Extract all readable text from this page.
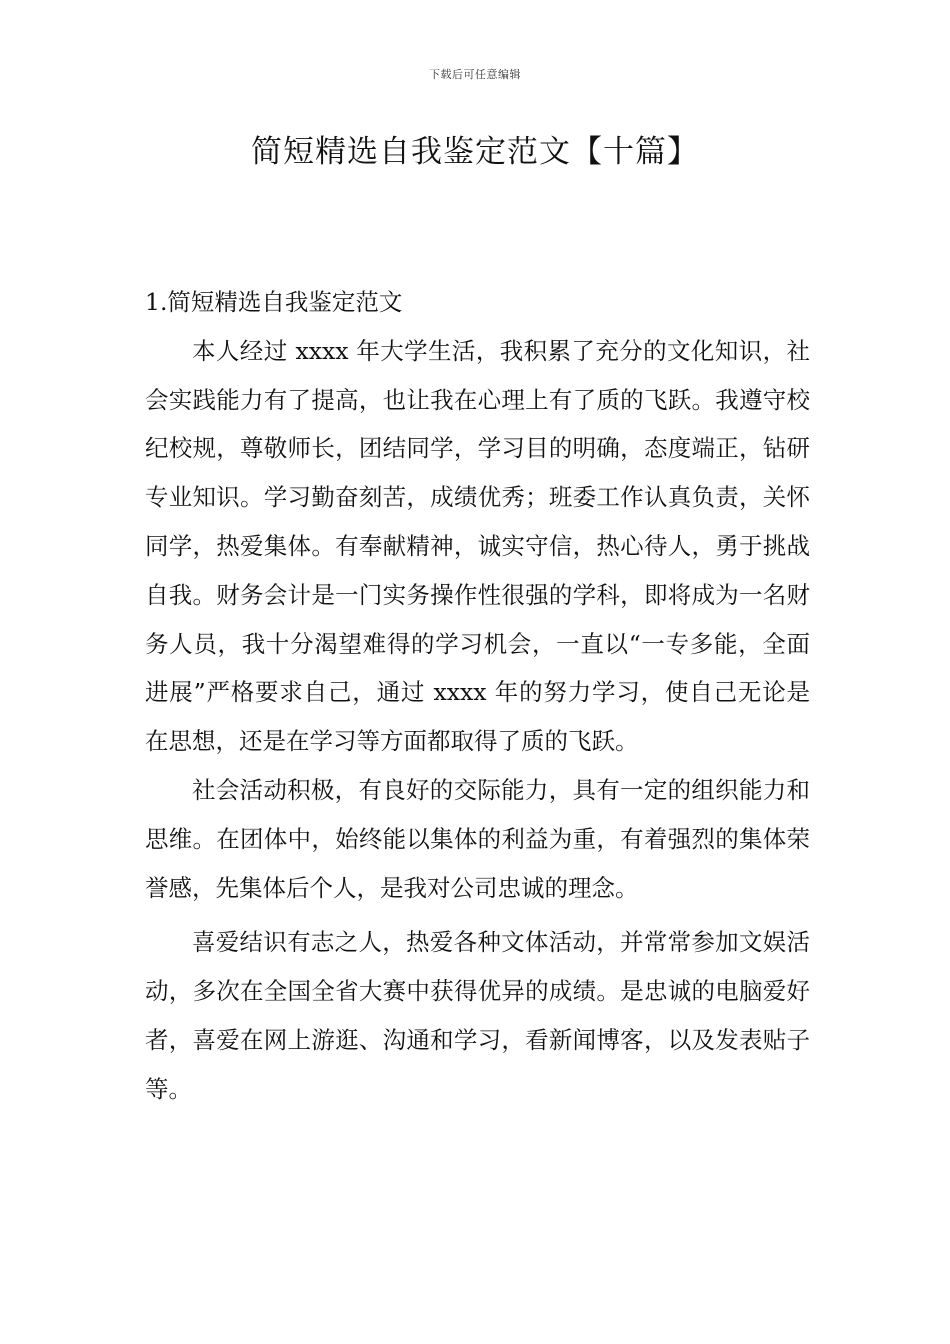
下载后可任意编辑
简短精选自我鉴定范文【十篇】
1.简短精选自我鉴定范文

本人经过 xxxx 年大学生活，我积累了充分的文化知识，社会实践能力有了提高，也让我在心理上有了质的飞跃。我遵守校纪校规，尊敬师长，团结同学，学习目的明确，态度端正，钻研专业知识。学习勤奋刻苦，成绩优秀；班委工作认真负责，关怀同学，热爱集体。有奉献精神，诚实守信，热心待人，勇于挑战自我。财务会计是一门实务操作性很强的学科，即将成为一名财务人员，我十分渴望难得的学习机会，一直以“一专多能，全面进展”严格要求自己，通过 xxxx 年的努力学习，使自己无论是在思想，还是在学习等方面都取得了质的飞跃。

社会活动积极，有良好的交际能力，具有一定的组织能力和思维。在团体中，始终能以集体的利益为重，有着强烈的集体荣誉感，先集体后个人，是我对公司忠诚的理念。

喜爱结识有志之人，热爱各种文体活动，并常常参加文娱活动，多次在全国全省大赛中获得优异的成绩。是忠诚的电脑爱好者，喜爱在网上游逛、沟通和学习，看新闻博客，以及发表贴子等。
